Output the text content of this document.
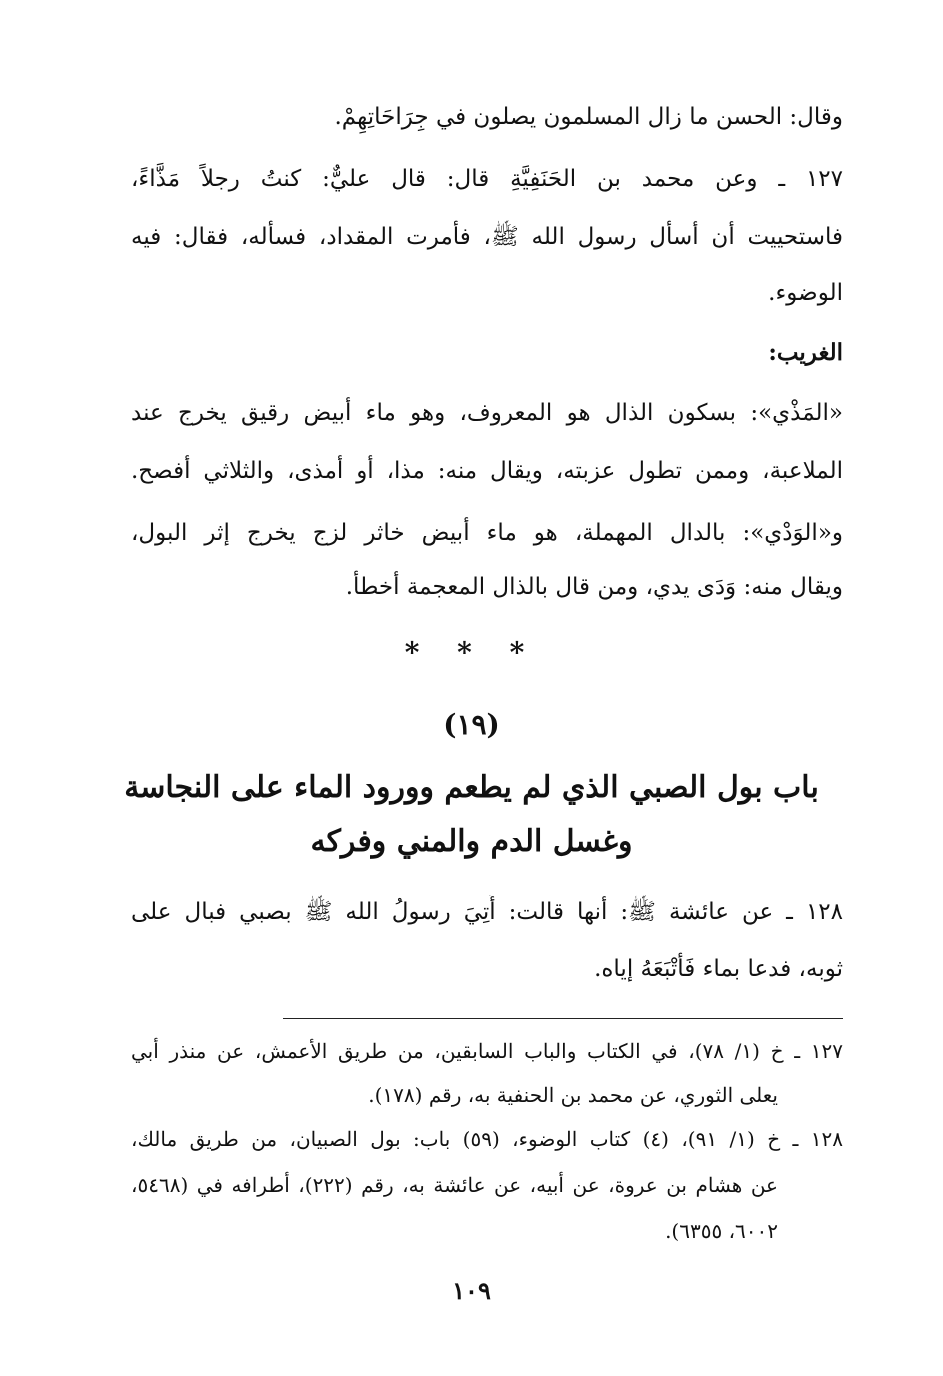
وقال: الحسن ما زال المسلمون يصلون في جِرَاحَاتِهِمْ.
١٢٧ ـ وعن محمد بن الحَنَفِيَّةِ قال: قال عليٌّ: كنتُ رجلاً مَذَّاءً،
فاستحييت أن أسأل رسول الله ﷺ، فأمرت المقداد، فسأله، فقال: فيه
الوضوء.
الغريب:
«المَذْي»: بسكون الذال هو المعروف، وهو ماء أبيض رقيق يخرج عند
الملاعبة، وممن تطول عزبته، ويقال منه: مذا، أو أمذى، والثلاثي أفصح.
و«الوَدْي»: بالدال المهملة، هو ماء أبيض خاثر لزج يخرج إثر البول،
ويقال منه: وَدَى يدي، ومن قال بالذال المعجمة أخطأ.
* * *
(١٩)
باب بول الصبي الذي لم يطعم وورود الماء على النجاسة
وغسل الدم والمني وفركه
١٢٨ ـ عن عائشة ﷺ: أنها قالت: أُتِيَ رسولُ الله ﷺ بصبي فبال على
ثوبه، فدعا بماء فَأَتْبَعَهُ إياه.
١٢٧ ـ خ (١/ ٧٨)، في الكتاب والباب السابقين، من طريق الأعمش، عن منذر أبي
يعلى الثوري، عن محمد بن الحنفية به، رقم (١٧٨).
١٢٨ ـ خ (١/ ٩١)، (٤) كتاب الوضوء، (٥٩) باب: بول الصبيان، من طريق مالك،
عن هشام بن عروة، عن أبيه، عن عائشة به، رقم (٢٢٢)، أطرافه في (٥٤٦٨،
٦٠٠٢، ٦٣٥٥).
١٠٩
